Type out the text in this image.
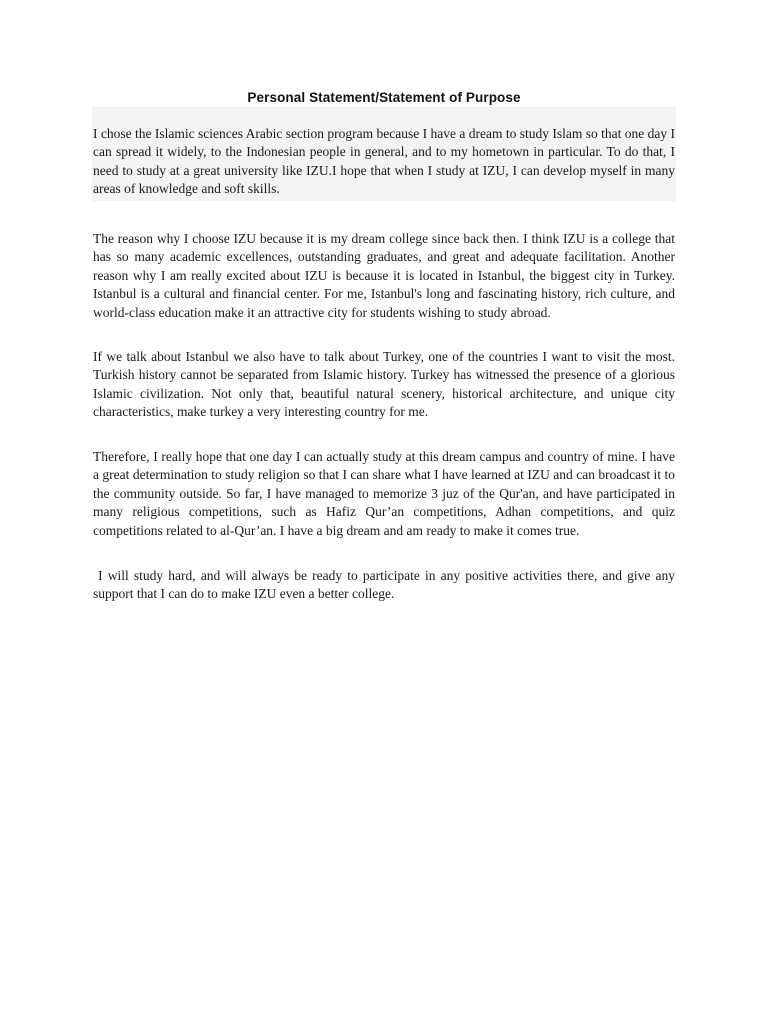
Personal Statement/Statement of Purpose

I chose the Islamic sciences Arabic section program because I have a dream to study Islam so that one day I can spread it widely, to the Indonesian people in general, and to my hometown in particular. To do that, I need to study at a great university like IZU.I hope that when I study at IZU, I can develop myself in many areas of knowledge and soft skills.

The reason why I choose IZU because it is my dream college since back then. I think IZU is a college that has so many academic excellences, outstanding graduates, and great and adequate facilitation. Another reason why I am really excited about IZU is because it is located in Istanbul, the biggest city in Turkey. Istanbul is a cultural and financial center. For me, Istanbul's long and fascinating history, rich culture, and world-class education make it an attractive city for students wishing to study abroad.

If we talk about Istanbul we also have to talk about Turkey, one of the countries I want to visit the most. Turkish history cannot be separated from Islamic history. Turkey has witnessed the presence of a glorious Islamic civilization. Not only that, beautiful natural scenery, historical architecture, and unique city characteristics, make turkey a very interesting country for me.

Therefore, I really hope that one day I can actually study at this dream campus and country of mine. I have a great determination to study religion so that I can share what I have learned at IZU and can broadcast it to the community outside. So far, I have managed to memorize 3 juz of the Qur'an, and have participated in many religious competitions, such as Hafiz Qur’an competitions, Adhan competitions, and quiz competitions related to al-Qur’an. I have a big dream and am ready to make it comes true.

I will study hard, and will always be ready to participate in any positive activities there, and give any support that I can do to make IZU even a better college.
